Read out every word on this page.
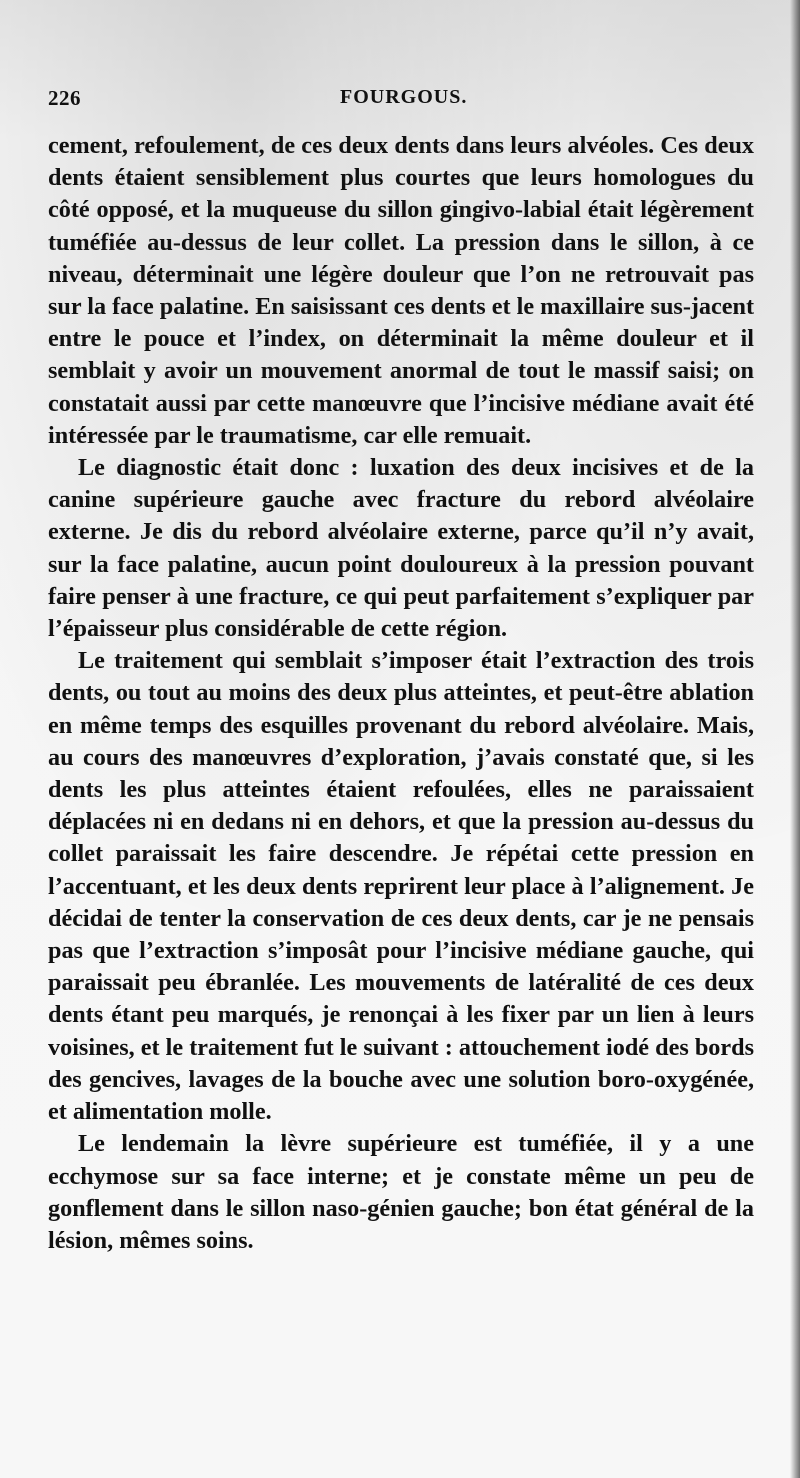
226	FOURGOUS.

cement, refoulement, de ces deux dents dans leurs alvéoles. Ces deux dents étaient sensiblement plus courtes que leurs homologues du côté opposé, et la muqueuse du sillon gingivo-labial était légèrement tuméfiée au-dessus de leur collet. La pression dans le sillon, à ce niveau, déterminait une légère douleur que l’on ne retrouvait pas sur la face palatine. En saisissant ces dents et le maxillaire sus-jacent entre le pouce et l’index, on déterminait la même douleur et il semblait y avoir un mouvement anormal de tout le massif saisi; on constatait aussi par cette manœuvre que l’incisive médiane avait été intéressée par le traumatisme, car elle remuait.

Le diagnostic était donc : luxation des deux incisives et de la canine supérieure gauche avec fracture du rebord alvéolaire externe. Je dis du rebord alvéolaire externe, parce qu’il n’y avait, sur la face palatine, aucun point douloureux à la pression pouvant faire penser à une fracture, ce qui peut parfaitement s’expliquer par l’épaisseur plus considérable de cette région.

Le traitement qui semblait s’imposer était l’extraction des trois dents, ou tout au moins des deux plus atteintes, et peut-être ablation en même temps des esquilles provenant du rebord alvéolaire. Mais, au cours des manœuvres d’exploration, j’avais constaté que, si les dents les plus atteintes étaient refoulées, elles ne paraissaient déplacées ni en dedans ni en dehors, et que la pression au-dessus du collet paraissait les faire descendre. Je répétai cette pression en l’accentuant, et les deux dents reprirent leur place à l’alignement. Je décidai de tenter la conservation de ces deux dents, car je ne pensais pas que l’extraction s’imposât pour l’incisive médiane gauche, qui paraissait peu ébranlée. Les mouvements de latéralité de ces deux dents étant peu marqués, je renonçai à les fixer par un lien à leurs voisines, et le traitement fut le suivant : attouchement iodé des bords des gencives, lavages de la bouche avec une solution boro-oxygénée, et alimentation molle.

Le lendemain la lèvre supérieure est tuméfiée, il y a une ecchymose sur sa face interne; et je constate même un peu de gonflement dans le sillon naso-génien gauche; bon état général de la lésion, mêmes soins.
